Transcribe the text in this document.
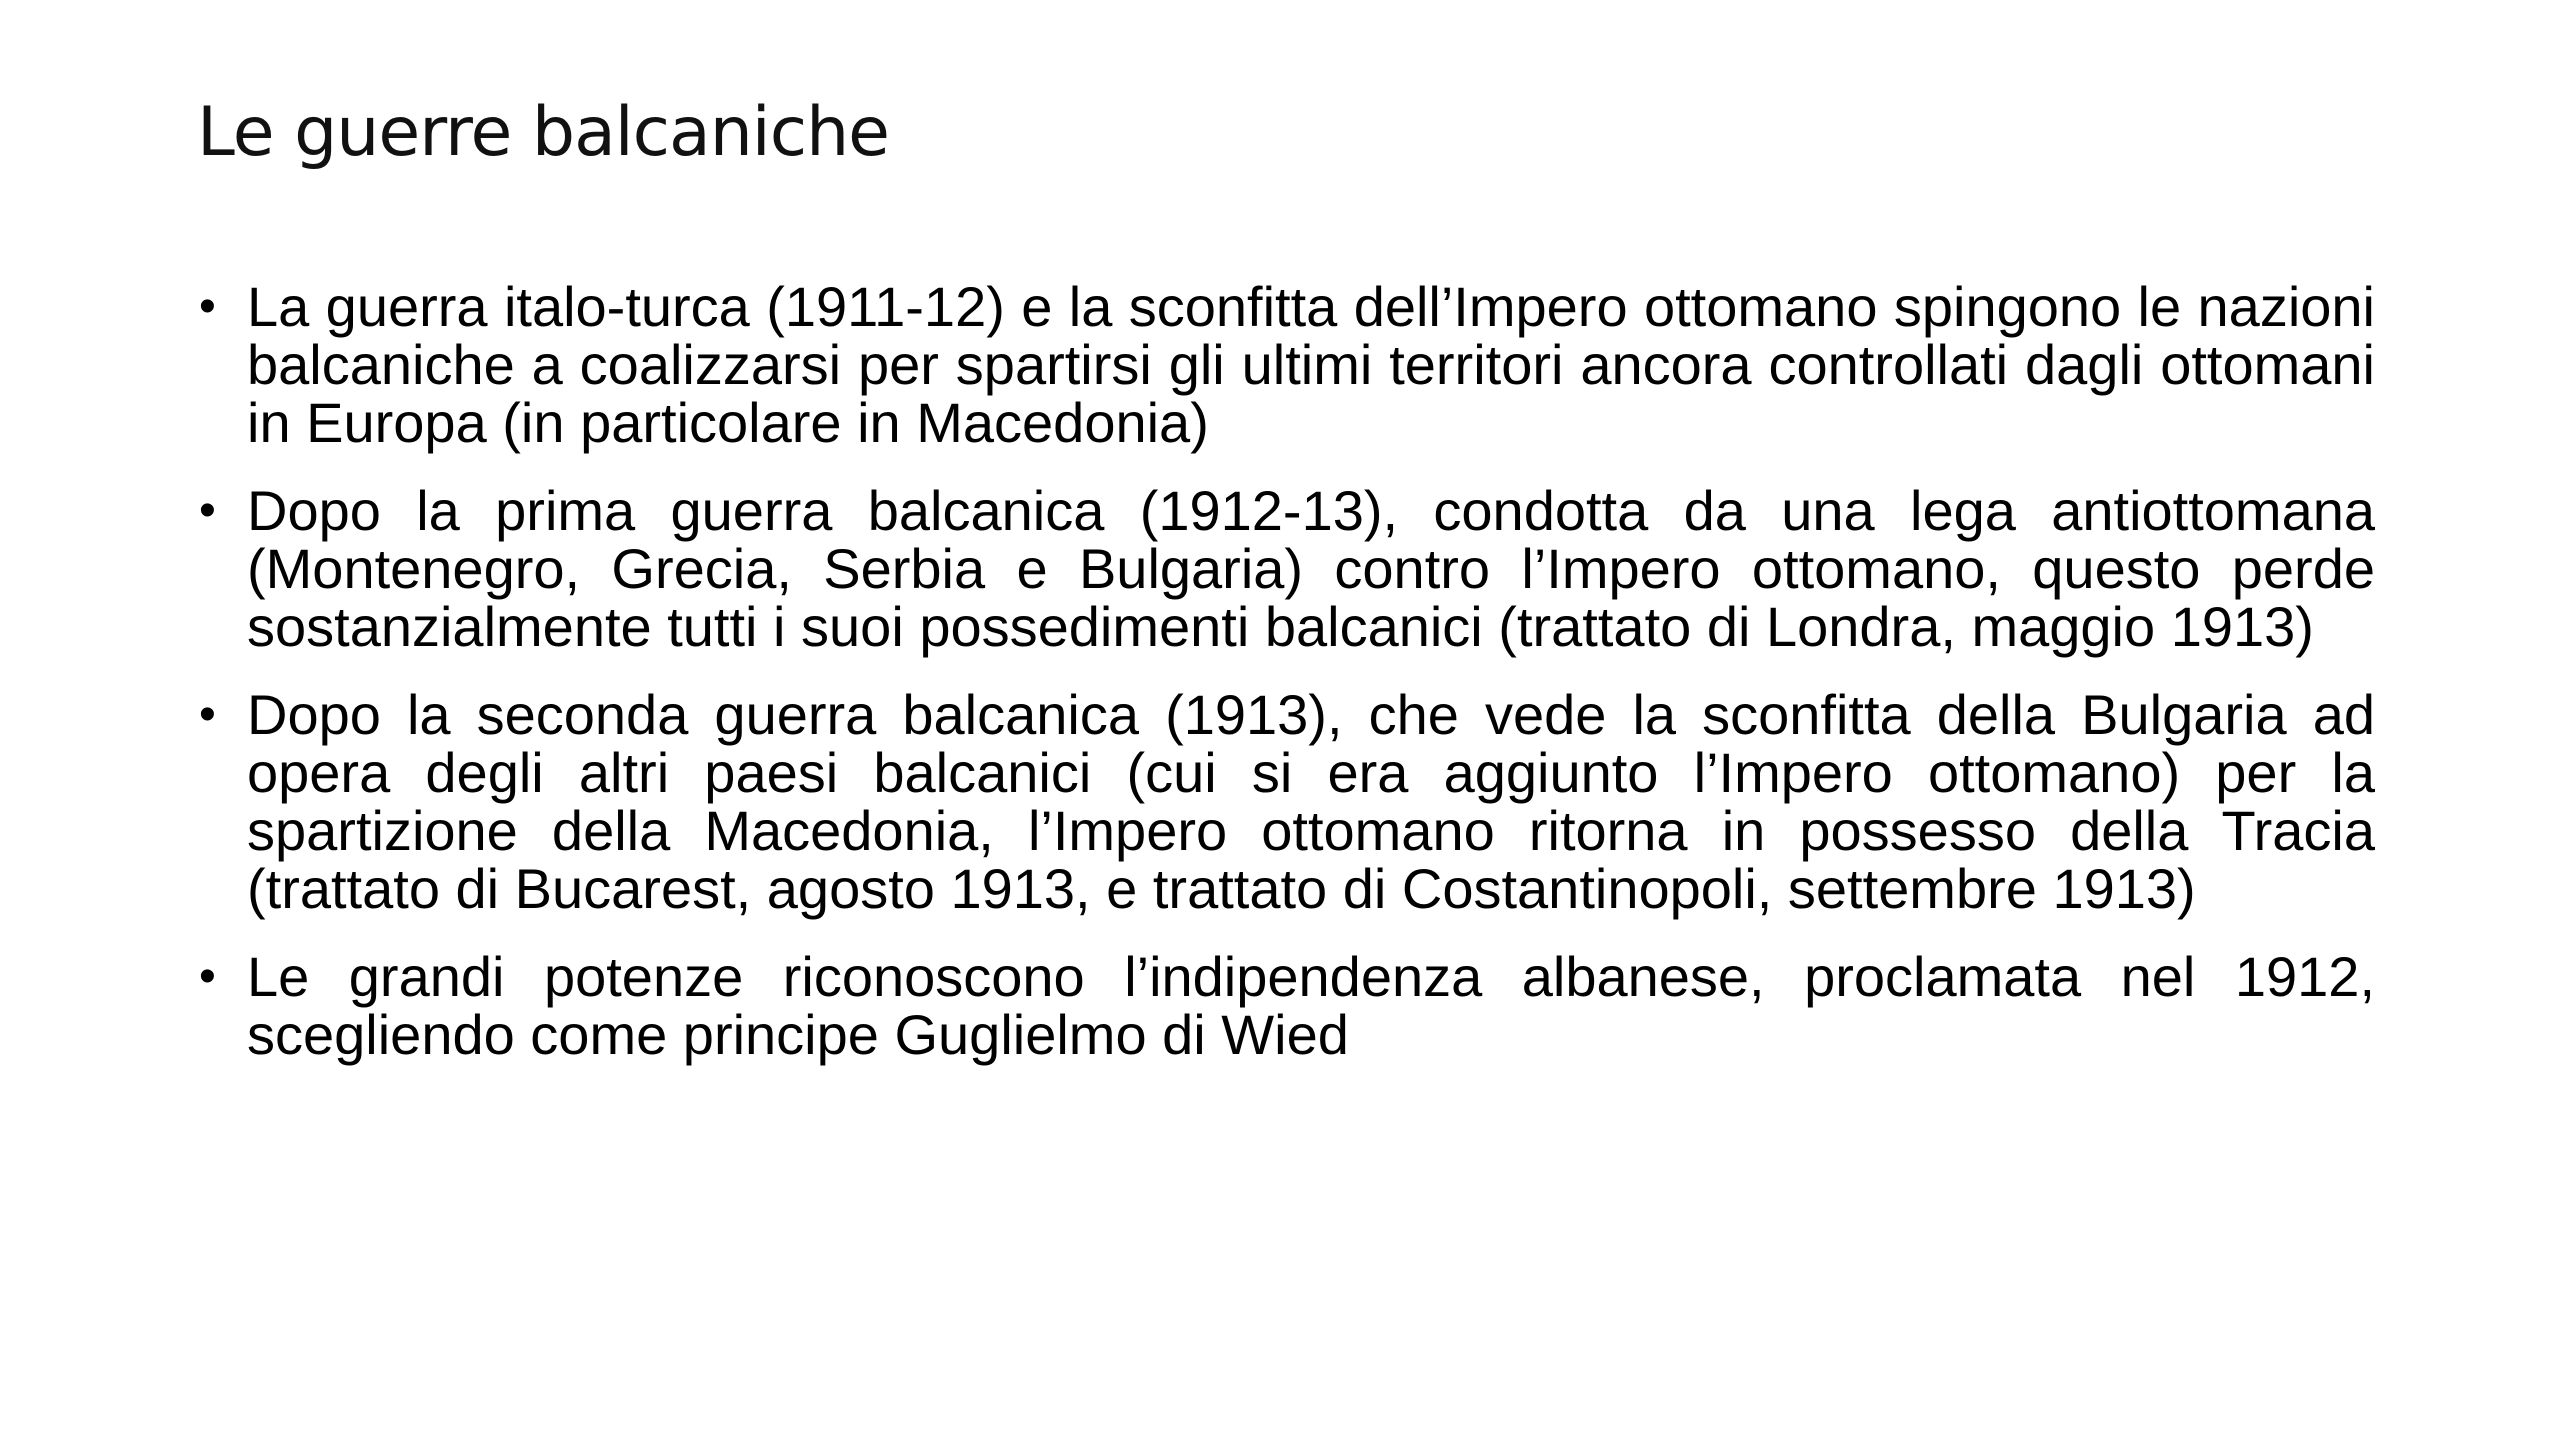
Le guerre balcaniche
• La guerra italo-turca (1911-12) e la sconfitta dell’Impero ottomano spingono le nazioni balcaniche a coalizzarsi per spartirsi gli ultimi territori ancora controllati dagli ottomani in Europa (in particolare in Macedonia)
• Dopo la prima guerra balcanica (1912-13), condotta da una lega antiottomana (Montenegro, Grecia, Serbia e Bulgaria) contro l’Impero ottomano, questo perde sostanzialmente tutti i suoi possedimenti balcanici (trattato di Londra, maggio 1913)
• Dopo la seconda guerra balcanica (1913), che vede la sconfitta della Bulgaria ad opera degli altri paesi balcanici (cui si era aggiunto l’Impero ottomano) per la spartizione della Macedonia, l’Impero ottomano ritorna in possesso della Tracia (trattato di Bucarest, agosto 1913, e trattato di Costantinopoli, settembre 1913)
• Le grandi potenze riconoscono l’indipendenza albanese, proclamata nel 1912, scegliendo come principe Guglielmo di Wied
